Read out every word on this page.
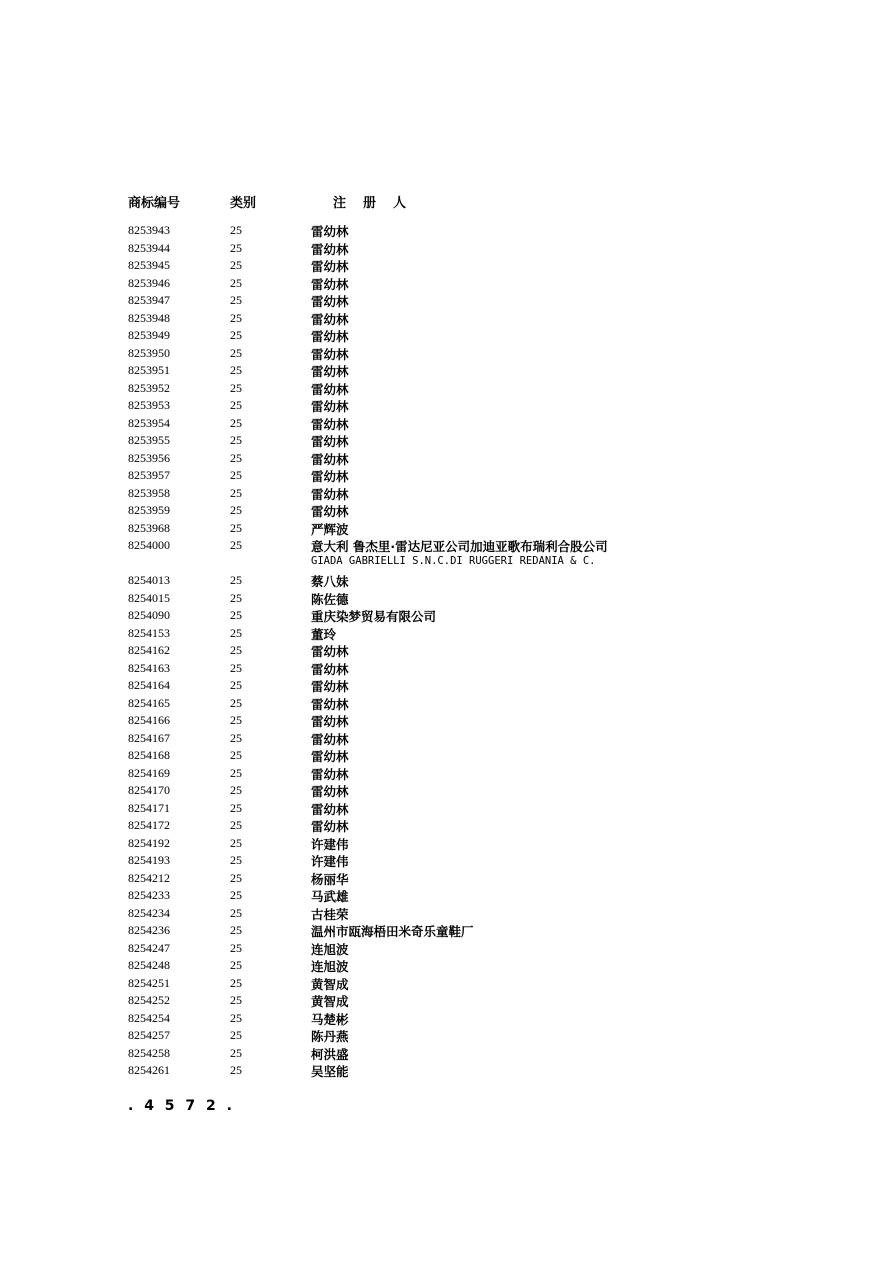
商标编号	类别	注　册　人
8253943	25	雷幼林
8253944	25	雷幼林
8253945	25	雷幼林
8253946	25	雷幼林
8253947	25	雷幼林
8253948	25	雷幼林
8253949	25	雷幼林
8253950	25	雷幼林
8253951	25	雷幼林
8253952	25	雷幼林
8253953	25	雷幼林
8253954	25	雷幼林
8253955	25	雷幼林
8253956	25	雷幼林
8253957	25	雷幼林
8253958	25	雷幼林
8253959	25	雷幼林
8253968	25	严辉波
8254000	25	意大利 鲁杰里·雷达尼亚公司加迪亚歌布瑞利合股公司
GIADA GABRIELLI S.N.C.DI RUGGERI REDANIA & C.
8254013	25	蔡八妹
8254015	25	陈佐德
8254090	25	重庆染梦贸易有限公司
8254153	25	董玲
8254162	25	雷幼林
8254163	25	雷幼林
8254164	25	雷幼林
8254165	25	雷幼林
8254166	25	雷幼林
8254167	25	雷幼林
8254168	25	雷幼林
8254169	25	雷幼林
8254170	25	雷幼林
8254171	25	雷幼林
8254172	25	雷幼林
8254192	25	许建伟
8254193	25	许建伟
8254212	25	杨丽华
8254233	25	马武雄
8254234	25	古桂荣
8254236	25	温州市瓯海梧田米奇乐童鞋厂
8254247	25	连旭波
8254248	25	连旭波
8254251	25	黄智成
8254252	25	黄智成
8254254	25	马楚彬
8254257	25	陈丹燕
8254258	25	柯洪盛
8254261	25	吴坚能
. 4 5 7 2 .
